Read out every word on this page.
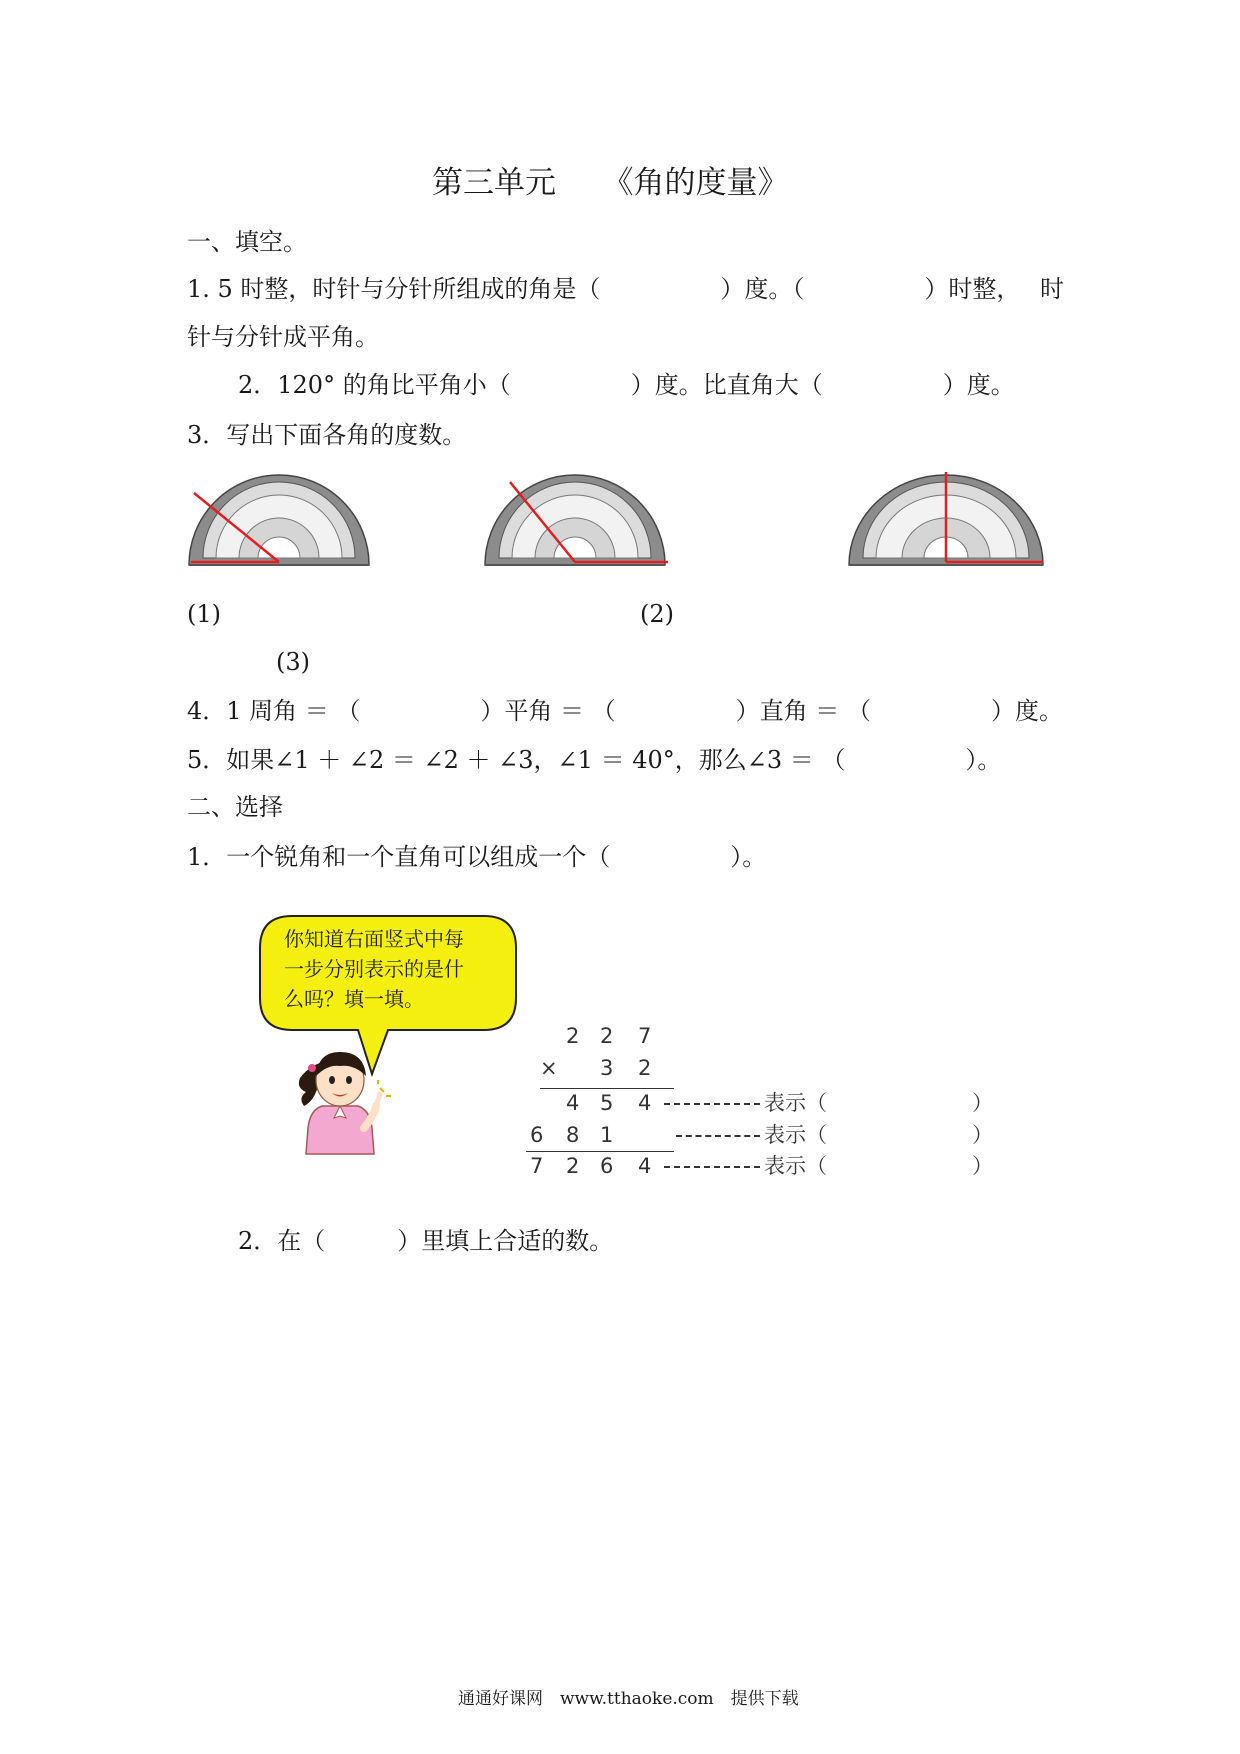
第三单元　　《角的度量》
一、填空。
1. 5 时整，时针与分针所组成的角是（　　　　　）度。（　　　　　）时整，　 时
针与分针成平角。
2．120° 的角比平角小（　　　　　）度。比直角大（　　　　　）度。
3．写出下面各角的度数。
(1)	(2)
(3)
4．1 周角 ＝ （　　　　　）平角 ＝ （　　　　　）直角 ＝ （　　　　　）度。
5．如果∠1 ＋ ∠2 ＝ ∠2 ＋ ∠3，∠1 ＝ 40°，那么∠3 ＝ （　　　　　）。
二、选择
1．一个锐角和一个直角可以组成一个（　　　　　）。
你知道右面竖式中每
一步分别表示的是什
么吗？填一填。
2 2 7
× 3 2
4 5 4
6 8 1
7 2 6 4
表示（
表示（
表示（
）
）
）
2．在（　　　）里填上合适的数。
通通好课网　www.tthaoke.com　提供下载
